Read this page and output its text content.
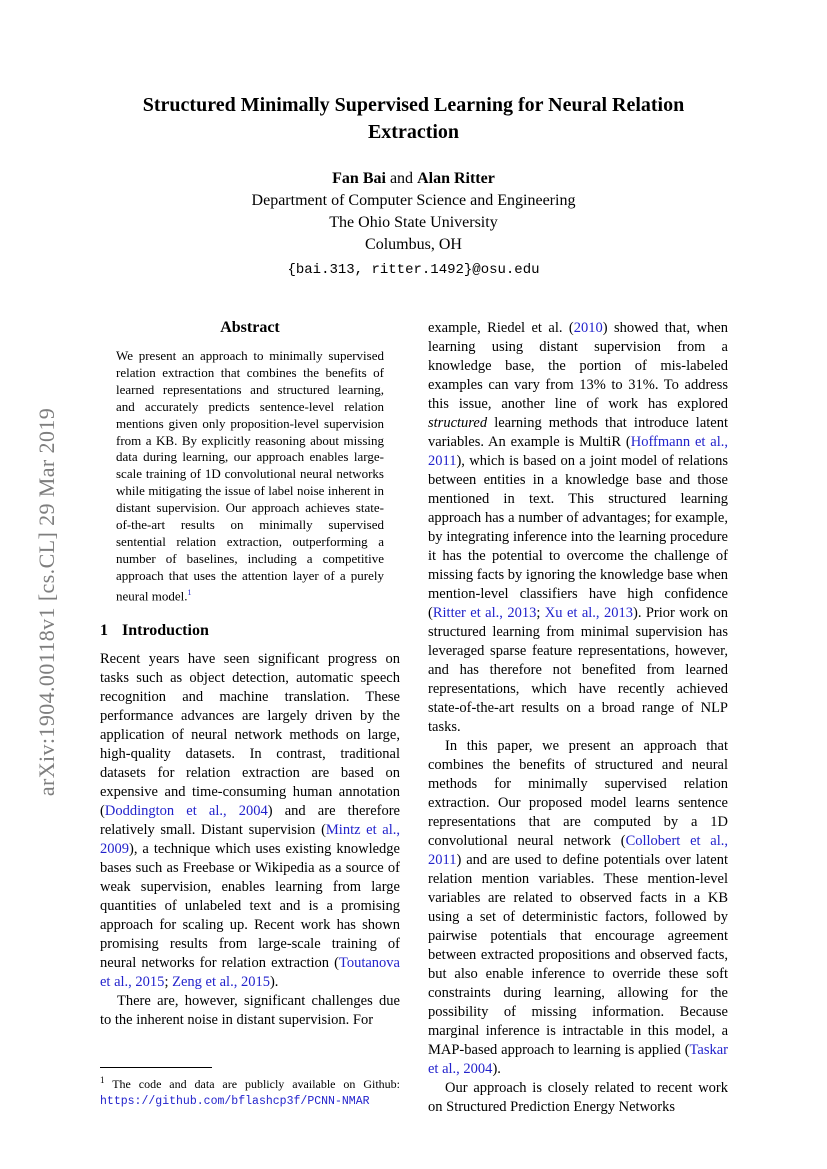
arXiv:1904.00118v1 [cs.CL] 29 Mar 2019
Structured Minimally Supervised Learning for Neural Relation Extraction
Fan Bai and Alan Ritter
Department of Computer Science and Engineering
The Ohio State University
Columbus, OH
{bai.313, ritter.1492}@osu.edu
Abstract

We present an approach to minimally supervised relation extraction that combines the benefits of learned representations and structured learning, and accurately predicts sentence-level relation mentions given only proposition-level supervision from a KB. By explicitly reasoning about missing data during learning, our approach enables large-scale training of 1D convolutional neural networks while mitigating the issue of label noise inherent in distant supervision. Our approach achieves state-of-the-art results on minimally supervised sentential relation extraction, outperforming a number of baselines, including a competitive approach that uses the attention layer of a purely neural model.$^1$

1 Introduction

Recent years have seen significant progress on tasks such as object detection, automatic speech recognition and machine translation. These performance advances are largely driven by the application of neural network methods on large, high-quality datasets. In contrast, traditional datasets for relation extraction are based on expensive and time-consuming human annotation (Doddington et al., 2004) and are therefore relatively small. Distant supervision (Mintz et al., 2009), a technique which uses existing knowledge bases such as Freebase or Wikipedia as a source of weak supervision, enables learning from large quantities of unlabeled text and is a promising approach for scaling up. Recent work has shown promising results from large-scale training of neural networks for relation extraction (Toutanova et al., 2015; Zeng et al., 2015).

There are, however, significant challenges due to the inherent noise in distant supervision. For

$^1$ The code and data are publicly available on Github: https://github.com/bflashcp3f/PCNN-NMAR

example, Riedel et al. (2010) showed that, when learning using distant supervision from a knowledge base, the portion of mis-labeled examples can vary from 13% to 31%. To address this issue, another line of work has explored structured learning methods that introduce latent variables. An example is MultiR (Hoffmann et al., 2011), which is based on a joint model of relations between entities in a knowledge base and those mentioned in text. This structured learning approach has a number of advantages; for example, by integrating inference into the learning procedure it has the potential to overcome the challenge of missing facts by ignoring the knowledge base when mention-level classifiers have high confidence (Ritter et al., 2013; Xu et al., 2013). Prior work on structured learning from minimal supervision has leveraged sparse feature representations, however, and has therefore not benefited from learned representations, which have recently achieved state-of-the-art results on a broad range of NLP tasks.

In this paper, we present an approach that combines the benefits of structured and neural methods for minimally supervised relation extraction. Our proposed model learns sentence representations that are computed by a 1D convolutional neural network (Collobert et al., 2011) and are used to define potentials over latent relation mention variables. These mention-level variables are related to observed facts in a KB using a set of deterministic factors, followed by pairwise potentials that encourage agreement between extracted propositions and observed facts, but also enable inference to override these soft constraints during learning, allowing for the possibility of missing information. Because marginal inference is intractable in this model, a MAP-based approach to learning is applied (Taskar et al., 2004).

Our approach is closely related to recent work on Structured Prediction Energy Networks
